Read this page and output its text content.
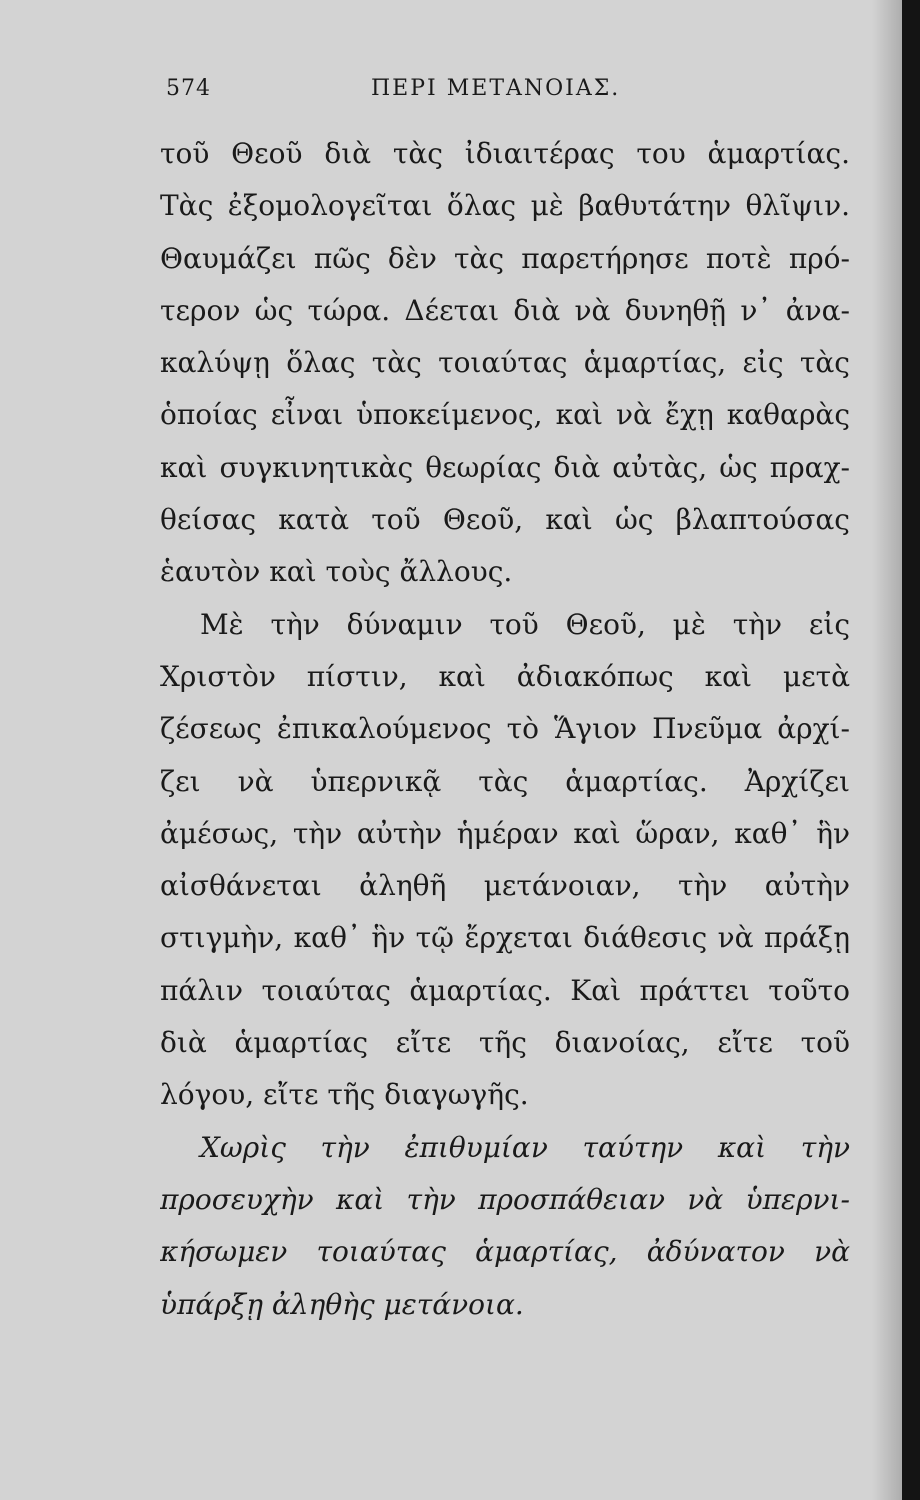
574	ΠΕΡΙ ΜΕΤΑΝΟΙΑΣ.
τοῦ Θεοῦ διὰ τὰς ἰδιαιτέρας του ἁμαρτίας.
Τὰς ἐξομολογεῖται ὅλας μὲ βαθυτάτην θλῖψιν.
Θαυμάζει πῶς δὲν τὰς παρετήρησε ποτὲ πρό-
τερον ὡς τώρα. Δέεται διὰ νὰ δυνηθῇ ν᾽ ἀνα-
καλύψῃ ὅλας τὰς τοιαύτας ἁμαρτίας, εἰς τὰς
ὁποίας εἶναι ὑποκείμενος, καὶ νὰ ἔχῃ καθαρὰς
καὶ συγκινητικὰς θεωρίας διὰ αὐτὰς, ὡς πραχ-
θείσας κατὰ τοῦ Θεοῦ, καὶ ὡς βλαπτούσας
ἑαυτὸν καὶ τοὺς ἄλλους.
Μὲ τὴν δύναμιν τοῦ Θεοῦ, μὲ τὴν εἰς
Χριστὸν πίστιν, καὶ ἀδιακόπως καὶ μετὰ
ζέσεως ἐπικαλούμενος τὸ Ἅγιον Πνεῦμα ἀρχί-
ζει νὰ ὑπερνικᾷ τὰς ἁμαρτίας. Ἀρχίζει
ἀμέσως, τὴν αὐτὴν ἡμέραν καὶ ὥραν, καθ᾽ ἣν
αἰσθάνεται ἀληθῆ μετάνοιαν, τὴν αὐτὴν
στιγμὴν, καθ᾽ ἣν τῷ ἔρχεται διάθεσις νὰ πράξῃ
πάλιν τοιαύτας ἁμαρτίας. Καὶ πράττει τοῦτο
διὰ ἁμαρτίας εἴτε τῆς διανοίας, εἴτε τοῦ
λόγου, εἴτε τῆς διαγωγῆς.
Χωρὶς τὴν ἐπιθυμίαν ταύτην καὶ τὴν
προσευχὴν καὶ τὴν προσπάθειαν νὰ ὑπερνι-
κήσωμεν τοιαύτας ἁμαρτίας, ἀδύνατον νὰ
ὑπάρξῃ ἀληθὴς μετάνοια.
